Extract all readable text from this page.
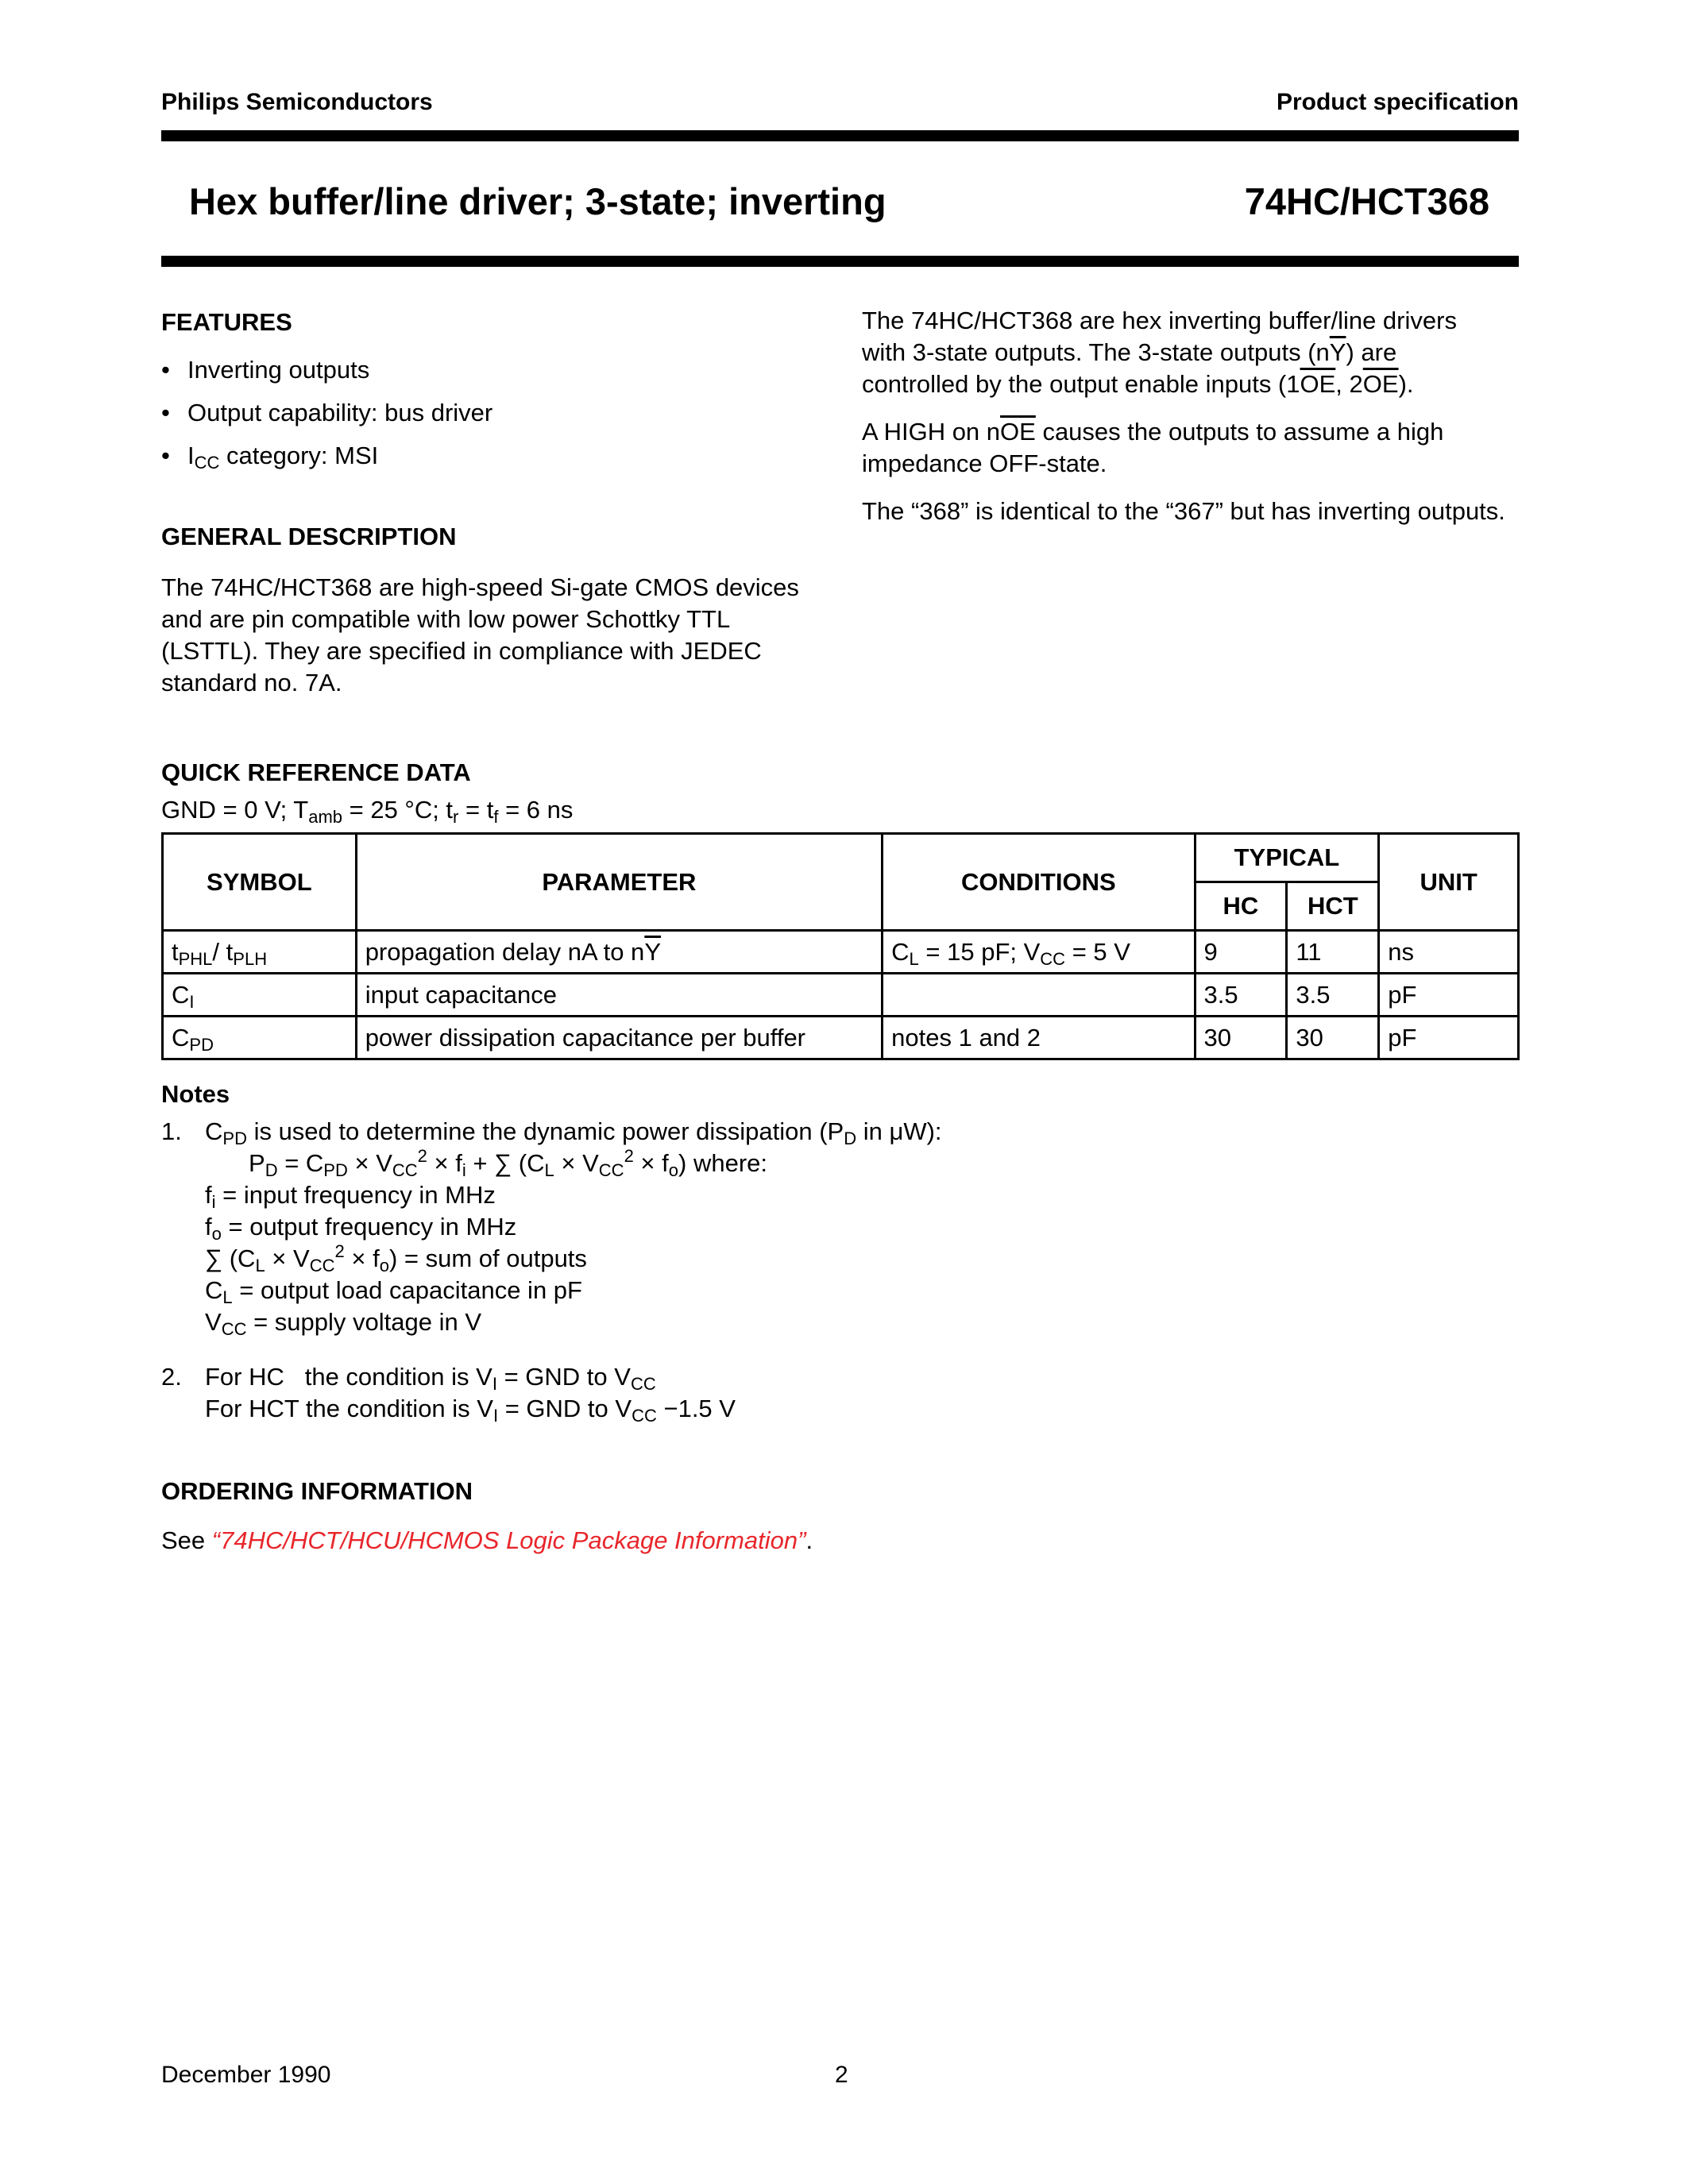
Philips Semiconductors	Product specification
Hex buffer/line driver; 3-state; inverting	74HC/HCT368
FEATURES
• Inverting outputs
• Output capability: bus driver
• $I_{CC}$ category: MSI
GENERAL DESCRIPTION
The 74HC/HCT368 are high-speed Si-gate CMOS devices
and are pin compatible with low power Schottky TTL
(LSTTL). They are specified in compliance with JEDEC
standard no. 7A.
The 74HC/HCT368 are hex inverting buffer/line drivers
with 3-state outputs. The 3-state outputs $(n\overline{Y})$ are
controlled by the output enable inputs ($1\overline{OE}$, $2\overline{OE}$).
A HIGH on $n\overline{OE}$ causes the outputs to assume a high
impedance OFF-state.
The “368” is identical to the “367” but has inverting outputs.
QUICK REFERENCE DATA
GND = 0 V; $T_{amb} = 25$ °C; $t_r = t_f = 6$ ns
SYMBOL	PARAMETER	CONDITIONS	TYPICAL		UNIT
			HC	HCT	
$t_{PHL}/$ $t_{PLH}$	propagation delay nA to $n\overline{Y}$	$C_L = 15$ pF; $V_{CC} = 5$ V	9	11	ns
$C_I$	input capacitance		3.5	3.5	pF
$C_{PD}$	power dissipation capacitance per buffer	notes 1 and 2	30	30	pF
Notes
1. $C_{PD}$ is used to determine the dynamic power dissipation ($P_D$ in μW):
$P_D = C_{PD} \times V_{CC}^2 \times f_i$ + ∑ $(C_L \times V_{CC}^2 \times f_o)$ where:
$f_i$ = input frequency in MHz
$f_o$ = output frequency in MHz
∑ $(C_L \times V_{CC}^2 \times f_o)$ = sum of outputs
$C_L$ = output load capacitance in pF
$V_{CC}$ = supply voltage in V
2. For HC   the condition is $V_I$ = GND to $V_{CC}$
For HCT the condition is $V_I$ = GND to $V_{CC} -1.5$ V
ORDERING INFORMATION
See “74HC/HCT/HCU/HCMOS Logic Package Information”.
December 1990	2
